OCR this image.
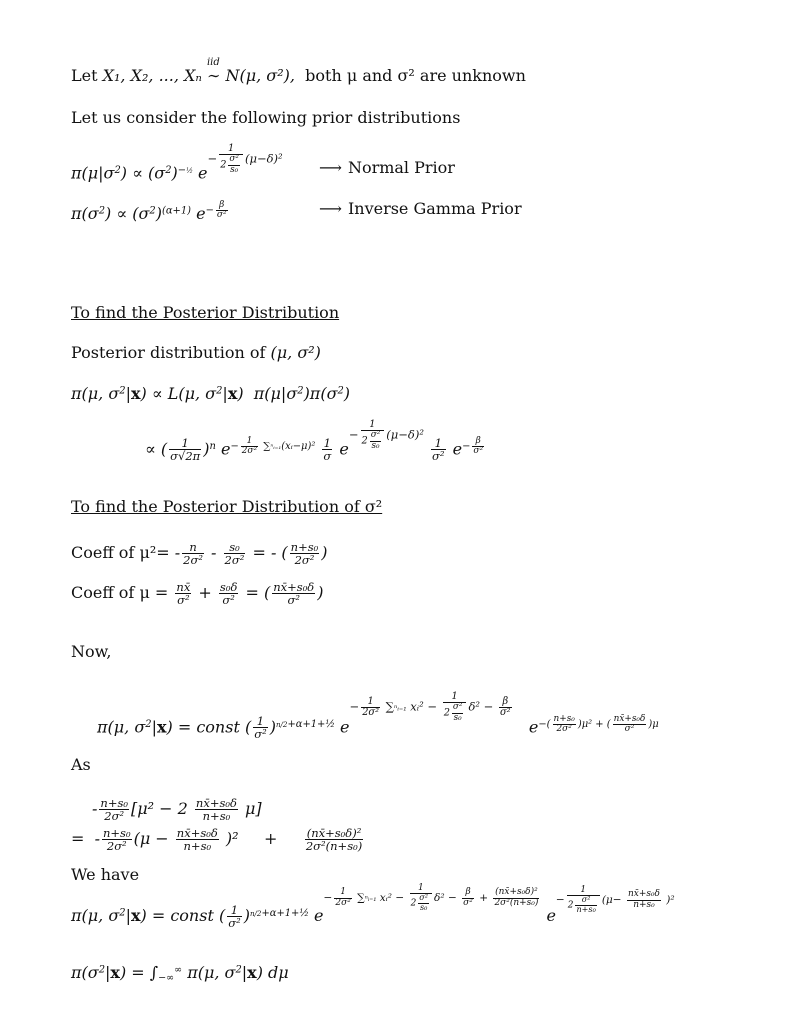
Let X₁, X₂, ..., Xₙ
iid
∼ N(μ, σ²), both μ and σ² are unknown
Let us consider the following prior distributions
$\pi(\mu|\sigma^2) \propto (\sigma^2)^{-\frac{1}{2}}$ $e- \frac{1}{2 \frac{\text{σ²}}{\text{s₀}}} (\mu-\delta)^2$	⟶ Normal Prior
$\pi(\sigma^2) \propto (\sigma^2)^{(\alpha+1)}$ $e^{- \frac{\beta}{\text{σ²}}}$	⟶ Inverse Gamma Prior
To find the Posterior Distribution
Posterior distribution of (μ, σ²)
π(μ, $\sigma^2|x) \propto L(\mu$, $\sigma^2|x$)  $\pi(\mu|\sigma^2)\pi(\sigma^2)$
∝ ( $\frac{1}{\sigma√2\pi} )^n$ $e^{- \frac{1}{\text{2σ²}} \sum^nᵢ_{=1}(xᵢ-\mu)^2} \frac{1}{\sigma} e- \frac{1}{2 \frac{\text{σ²}}{\text{s₀}}} (\mu-\delta)^2$
$\frac{1}{\text{σ²}} e^{- \frac{\beta}{\text{σ²}}}$
To find the Posterior Distribution of σ²
Coeff of $\mu^2= - \frac{n}{\text{2σ²}} - \frac{\text{s₀}}{\text{2σ²}}$ = - ( $\frac{\text{n+s₀}}{\text{2σ²}}$ )
Coeff of $\mu = \frac{nx̄}{\text{σ²}} + \frac{\text{s₀δ}}{\text{σ²}}$ = ( $\frac{\text{nx̄+s₀δ}}{\text{σ²}}$ )
Now,
π(μ, $\sigma^2|x$) = const ( $\frac{1}{\text{σ²}} )^{n/2+\alpha+1+\frac{1}{2}}$ $e- \frac{1}{\text{2σ²}}$ ∑ⁿᵢ₌₁ xᵢ² − $\frac{1}{2 \frac{\text{σ²}}{\text{s₀}}} \delta^2 - \frac{\beta}{\text{σ²}}$
$e^{-( \frac{\text{n+s₀}}{\text{2σ²}} )\mu^2 + ( \frac{\text{nx̄+s₀δ}}{\text{σ²}} )\mu}$
As
- $\frac{\text{n+s₀}}{\text{2σ²}} [\mu^2 - 2 \frac{\text{nx̄+s₀δ}}{\text{n+s₀}} \mu]$
=  - $\frac{\text{n+s₀}}{\text{2σ²}} (\mu - \frac{\text{nx̄+s₀δ}}{\text{n+s₀}} )^2$     + $\frac{\text{(nx̄+s₀δ)²}}{\text{2σ²(n+s₀)}}$
We have
π(μ, $\sigma^2|x$) = const ( $\frac{1}{\text{σ²}} )^{n/2+\alpha+1+\frac{1}{2}}$ $e- \frac{1}{\text{2σ²}}$ ∑ⁿᵢ₌₁ xᵢ² − $\frac{1}{2 \frac{\text{σ²}}{\text{s₀}}} \delta^2 - \frac{\beta}{\text{σ²}} + \frac{\text{(nx̄+s₀δ)²}}{\text{2σ²(n+s₀)}}$
$e- \frac{1}{2 \frac{\text{σ²}}{\text{n+s₀}}} (\mu- \frac{\text{nx̄+s₀δ}}{\text{n+s₀}} )^2$
$\pi(\sigma^2|x) = \int_{-\infty}^\infty$ π(μ, $\sigma^2|x$) dμ
